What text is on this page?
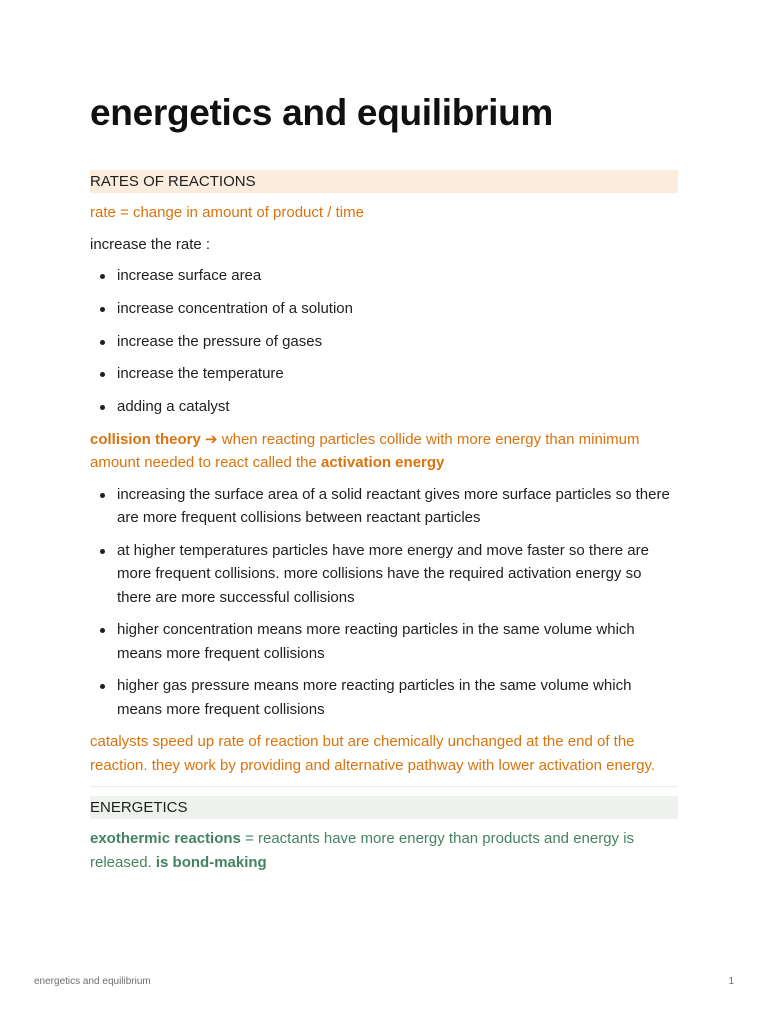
energetics and equilibrium
RATES OF REACTIONS

rate = change in amount of product / time

increase the rate :

increase surface area
increase concentration of a solution
increase the pressure of gases
increase the temperature
adding a catalyst

collision theory ➔ when reacting particles collide with more energy than minimum amount needed to react called the activation energy

increasing the surface area of a solid reactant gives more surface particles so there are more frequent collisions between reactant particles
at higher temperatures particles have more energy and move faster so there are more frequent collisions. more collisions have the required activation energy so there are more successful collisions
higher concentration means more reacting particles in the same volume which means more frequent collisions
higher gas pressure means more reacting particles in the same volume which means more frequent collisions

catalysts speed up rate of reaction but are chemically unchanged at the end of the reaction. they work by providing and alternative pathway with lower activation energy.

ENERGETICS

exothermic reactions = reactants have more energy than products and energy is released. is bond-making

energetics and equilibrium	1
